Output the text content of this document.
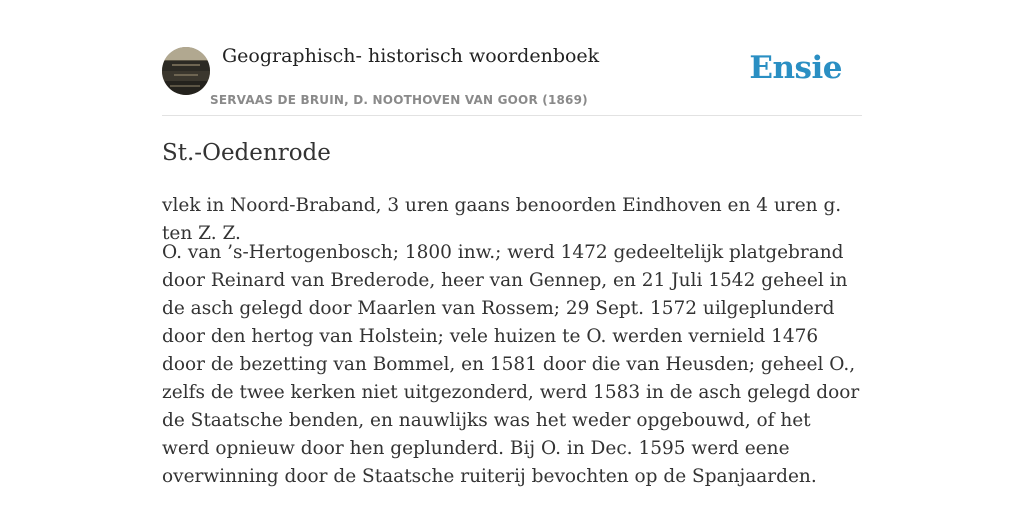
Geographisch- historisch woordenboek
SERVAAS DE BRUIN, D. NOOTHOVEN VAN GOOR (1869)
Ensie
St.-Oedenrode

vlek in Noord-Braband, 3 uren gaans benoorden Eindhoven en 4 uren g. ten Z. Z.

O. van ’s-Hertogenbosch; 1800 inw.; werd 1472 gedeeltelijk platgebrand door Reinard van Brederode, heer van Gennep, en 21 Juli 1542 geheel in de asch gelegd door Maarlen van Rossem; 29 Sept. 1572 uilgeplunderd door den hertog van Holstein; vele huizen te O. werden vernield 1476 door de bezetting van Bommel, en 1581 door die van Heusden; geheel O., zelfs de twee kerken niet uitgezonderd, werd 1583 in de asch gelegd door de Staatsche benden, en nauwlijks was het weder opgebouwd, of het werd opnieuw door hen geplunderd. Bij O. in Dec. 1595 werd eene overwinning door de Staatsche ruiterij bevochten op de Spanjaarden.
